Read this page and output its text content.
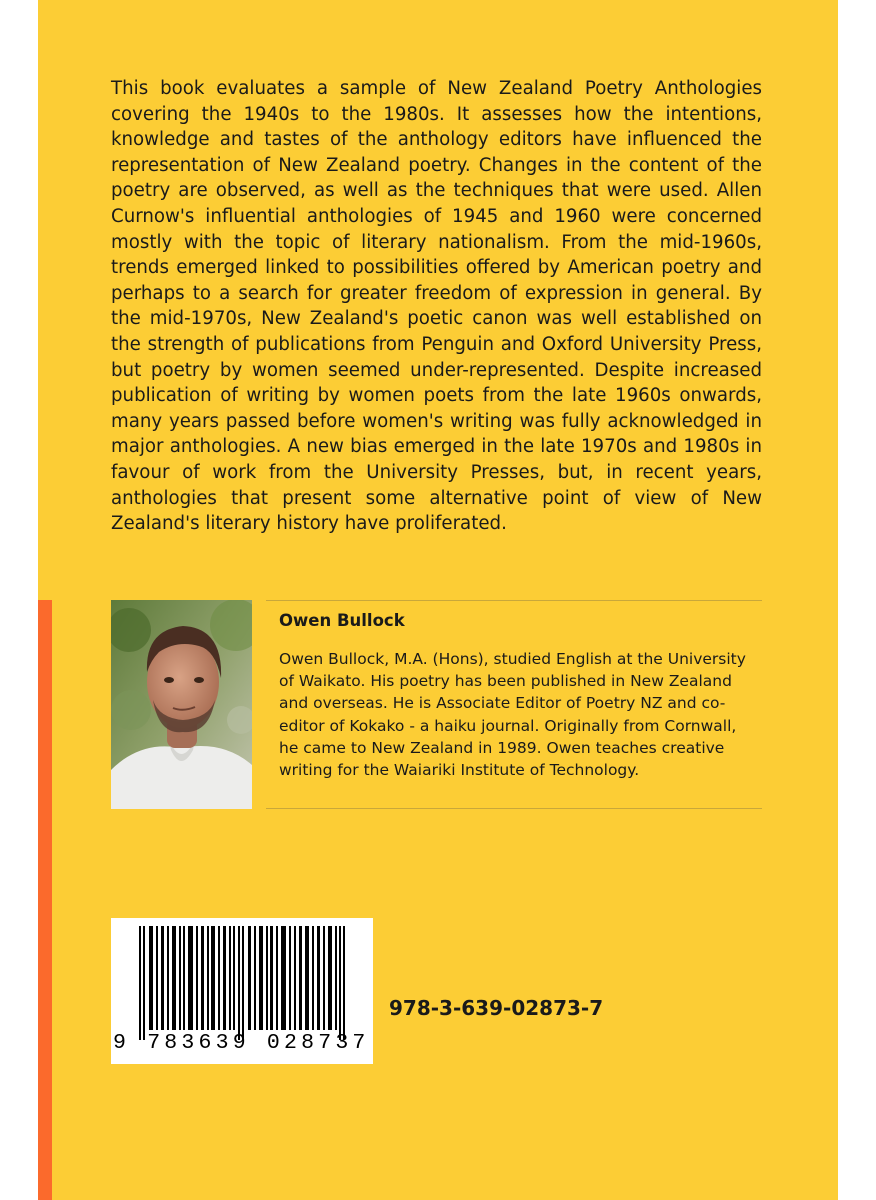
This book evaluates a sample of New Zealand Poetry Anthologies covering the 1940s to the 1980s. It assesses how the intentions, knowledge and tastes of the anthology editors have influenced the representation of New Zealand poetry. Changes in the content of the poetry are observed, as well as the techniques that were used. Allen Curnow's influential anthologies of 1945 and 1960 were concerned mostly with the topic of literary nationalism. From the mid-1960s, trends emerged linked to possibilities offered by American poetry and perhaps to a search for greater freedom of expression in general. By the mid-1970s, New Zealand's poetic canon was well established on the strength of publications from Penguin and Oxford University Press, but poetry by women seemed under-represented. Despite increased publication of writing by women poets from the late 1960s onwards, many years passed before women's writing was fully acknowledged in major anthologies. A new bias emerged in the late 1970s and 1980s in favour of work from the University Presses, but, in recent years, anthologies that present some alternative point of view of New Zealand's literary history have proliferated.

Owen Bullock

Owen Bullock, M.A. (Hons), studied English at the University of Waikato. His poetry has been published in New Zealand and overseas. He is Associate Editor of Poetry NZ and co-editor of Kokako - a haiku journal. Originally from Cornwall, he came to New Zealand in 1989. Owen teaches creative writing for the Waiariki Institute of Technology.

9 783639 028737
978-3-639-02873-7
